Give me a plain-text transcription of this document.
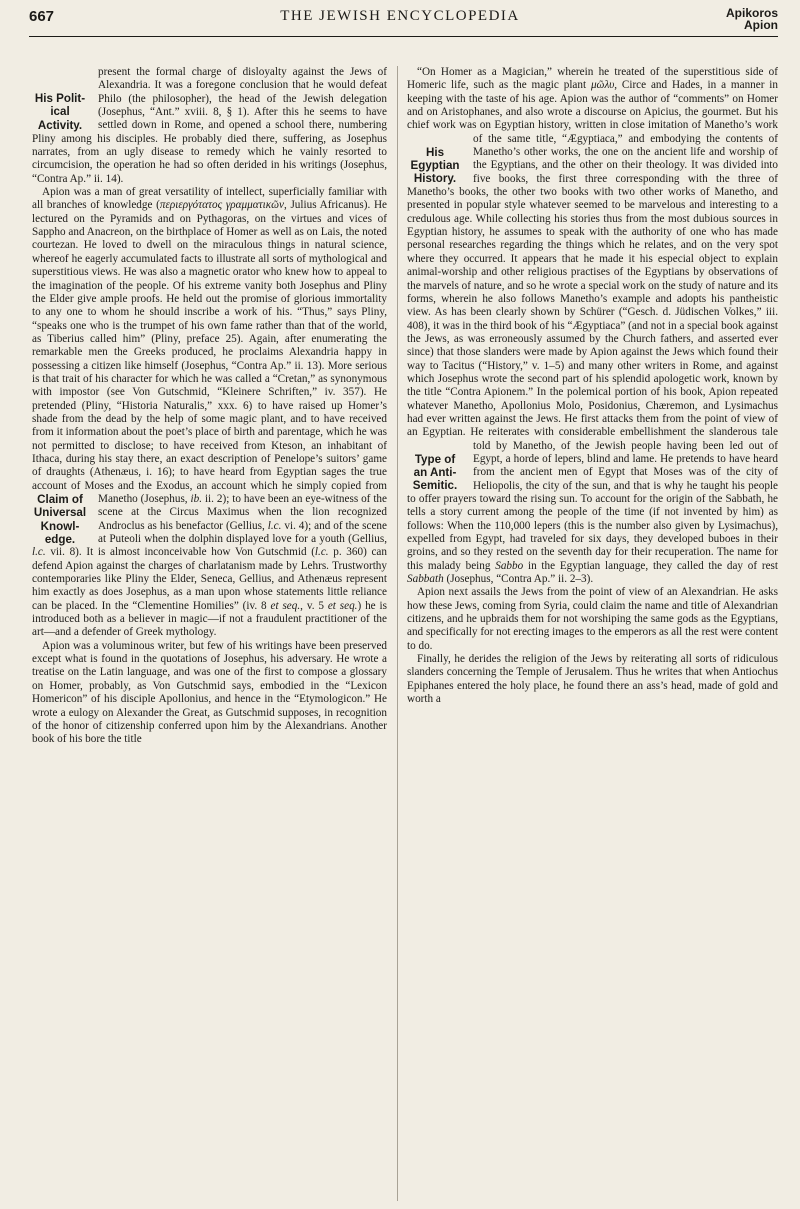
667	THE JEWISH ENCYCLOPEDIA	Apikoros
Apion

His Polit-
ical
Activity.
present the formal charge of disloyalty against the Jews of Alexandria. It was a foregone conclusion that he would defeat Philo (the philosopher), the head of the Jewish delegation (Josephus, “Ant.” xviii. 8, § 1). After this he seems to have settled down in Rome, and opened a school there, numbering Pliny among his disciples. He probably died there, suffering, as Josephus narrates, from an ugly disease to remedy which he vainly resorted to circumcision, the operation he had so often derided in his writings (Josephus, “Contra Ap.” ii. 14).

Apion was a man of great versatility of intellect, superficially familiar with all branches of knowledge (περιεργότατος γραμματικῶν, Julius Africanus). He lectured on the Pyramids and on Pythagoras, on the virtues and vices of Sappho and Anacreon, on the birthplace of Homer as well as on Lais, the noted courtezan. He loved to dwell on the miraculous things in natural science, whereof he eagerly accumulated facts to illustrate all sorts of mythological and superstitious views. He was also a magnetic orator who knew how to appeal to the imagination of the people. Of his extreme vanity both Josephus and Pliny the Elder give ample proofs. He held out the promise of glorious immortality to any one to whom he should inscribe a work of his. “Thus,” says Pliny, “speaks one who is the trumpet of his own fame rather than that of the world, as Tiberius called him” (Pliny, preface 25). Again, after enumerating the remarkable men the Greeks produced, he proclaims Alexandria happy in possessing a citizen like himself (Josephus, “Contra Ap.” ii. 13). More serious is that trait of his character for which he was called a “Cretan,” as synonymous with impostor (see Von Gutschmid, “Kleinere Schriften,” iv. 357). He pretended (Pliny, “Historia Naturalis,” xxx. 6) to have raised up Homer’s shade from the dead by the help of some magic plant, and to have received from it information about the poet’s place of birth and parentage, which he was not permitted to disclose; to have received from Kteson, an inhabitant of Ithaca, during his stay there, an exact description of Penelope’s suitors’ game of draughts (Athenæus, i. 16); to have heard from Egyptian sages the true account of Moses and the Exodus, an account which he simply copied from Manetho (Josephus,
Claim of
Universal
Knowl-
edge.
ib. ii. 2); to have been an eye-witness of the scene at the Circus Maximus when the lion recognized Androclus as his benefactor (Gellius, l.c. vi. 4); and of the scene at Puteoli when the dolphin displayed love for a youth (Gellius, l.c. vii. 8). It is almost inconceivable how Von Gutschmid (l.c. p. 360) can defend Apion against the charges of charlatanism made by Lehrs. Trustworthy contemporaries like Pliny the Elder, Seneca, Gellius, and Athenæus represent him exactly as does Josephus, as a man upon whose statements little reliance can be placed. In the “Clementine Homilies” (iv. 8 et seq., v. 5 et seq.) he is introduced both as a believer in magic—if not a fraudulent practitioner of the art—and a defender of Greek mythology.

Apion was a voluminous writer, but few of his writings have been preserved except what is found in the quotations of Josephus, his adversary. He wrote a treatise on the Latin language, and was one of the first to compose a glossary on Homer, probably, as Von Gutschmid says, embodied in the “Lexicon Homericon” of his disciple Apollonius, and hence in the “Etymologicon.” He wrote a eulogy on Alexander the Great, as Gutschmid supposes, in recognition of the honor of citizenship conferred upon him by the Alexandrians. Another book of his bore the title

“On Homer as a Magician,” wherein he treated of the superstitious side of Homeric life, such as the magic plant μῶλυ, Circe and Hades, in a manner in keeping with the taste of his age. Apion was the author of “comments” on Homer and on Aristophanes, and also wrote a discourse on Apicius, the gourmet. But his chief work was on Egyptian history, written in close imitation of Manetho’s work of the same title, “Ægyptiaca,”
His
Egyptian
History.
and embodying the contents of Manetho’s other works, the one on the ancient life and worship of the Egyptians, and the other on their theology. It was divided into five books, the first three corresponding with the three of Manetho’s books, the other two books with two other works of Manetho, and presented in popular style whatever seemed to be marvelous and interesting to a credulous age. While collecting his stories thus from the most dubious sources in Egyptian history, he assumes to speak with the authority of one who has made personal researches regarding the things which he relates, and on the very spot where they occurred. It appears that he made it his especial object to explain animal-worship and other religious practises of the Egyptians by observations of the marvels of nature, and so he wrote a special work on the study of nature and its forms, wherein he also follows Manetho’s example and adopts his pantheistic view. As has been clearly shown by Schürer (“Gesch. d. Jüdischen Volkes,” iii. 408), it was in the third book of his “Ægyptiaca” (and not in a special book against the Jews, as was erroneously assumed by the Church fathers, and asserted ever since) that those slanders were made by Apion against the Jews which found their way to Tacitus (“History,” v. 1–5) and many other writers in Rome, and against which Josephus wrote the second part of his splendid apologetic work, known by the title “Contra Apionem.” In the polemical portion of his book, Apion repeated whatever Manetho, Apollonius Molo, Posidonius, Chæremon, and Lysimachus had ever written against the Jews. He first attacks them from the point of view of an Egyptian. He reiterates with considerable embellishment the slanderous tale told by Manetho, of the
Type of
an Anti-
Semitic.
Jewish people having been led out of Egypt, a horde of lepers, blind and lame. He pretends to have heard from the ancient men of Egypt that Moses was of the city of Heliopolis, the city of the sun, and that is why he taught his people to offer prayers toward the rising sun. To account for the origin of the Sabbath, he tells a story current among the people of the time (if not invented by him) as follows: When the 110,000 lepers (this is the number also given by Lysimachus), expelled from Egypt, had traveled for six days, they developed buboes in their groins, and so they rested on the seventh day for their recuperation. The name for this malady being Sabbo in the Egyptian language, they called the day of rest Sabbath (Josephus, “Contra Ap.” ii. 2–3).

Apion next assails the Jews from the point of view of an Alexandrian. He asks how these Jews, coming from Syria, could claim the name and title of Alexandrian citizens, and he upbraids them for not worshiping the same gods as the Egyptians, and specifically for not erecting images to the emperors as all the rest were content to do.

Finally, he derides the religion of the Jews by reiterating all sorts of ridiculous slanders concerning the Temple of Jerusalem. Thus he writes that when Antiochus Epiphanes entered the holy place, he found there an ass’s head, made of gold and worth a
